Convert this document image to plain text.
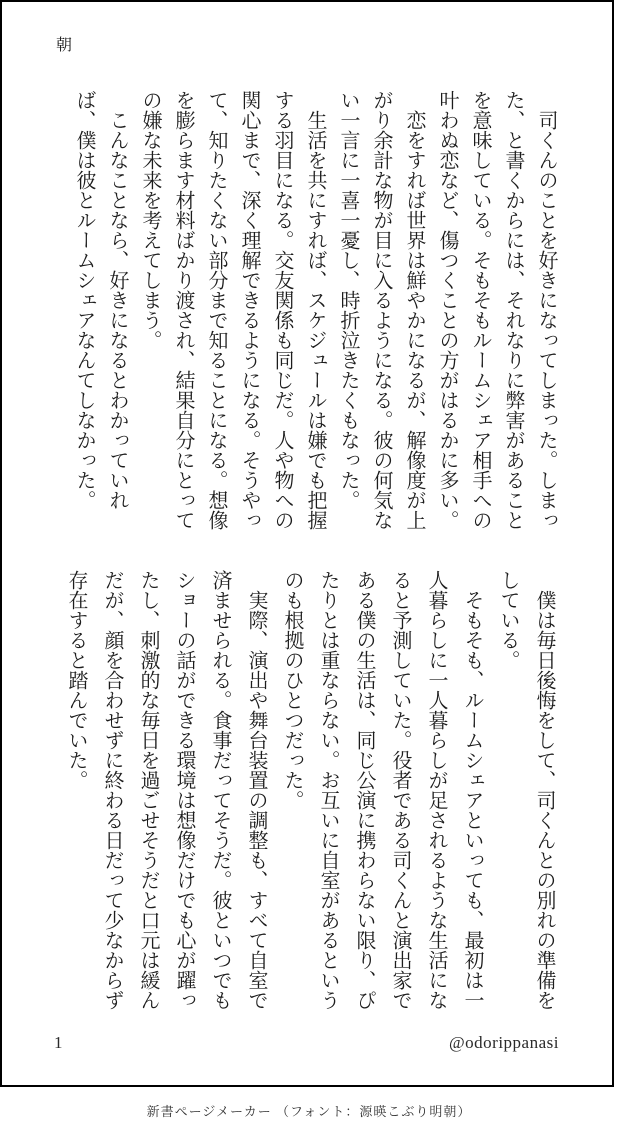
朝

司くんのことを好きになってしまった。しまった、と書くからには、それなりに弊害があることを意味している。そもそもルームシェア相手への叶わぬ恋など、傷つくことの方がはるかに多い。

恋をすれば世界は鮮やかになるが、解像度が上がり余計な物が目に入るようになる。彼の何気ない一言に一喜一憂し、時折泣きたくもなった。

生活を共にすれば、スケジュールは嫌でも把握する羽目になる。交友関係も同じだ。人や物への関心まで、深く理解できるようになる。そうやって、知りたくない部分まで知ることになる。想像を膨らます材料ばかり渡され、結果自分にとっての嫌な未来を考えてしまう。

こんなことなら、好きになるとわかっていれば、僕は彼とルームシェアなんてしなかった。

僕は毎日後悔をして、司くんとの別れの準備をしている。

そもそも、ルームシェアといっても、最初は一人暮らしに一人暮らしが足されるような生活になると予測していた。役者である司くんと演出家である僕の生活は、同じ公演に携わらない限り、ぴたりとは重ならない。お互いに自室があるというのも根拠のひとつだった。

実際、演出や舞台装置の調整も、すべて自室で済ませられる。食事だってそうだ。彼といつでもショーの話ができる環境は想像だけでも心が躍ったし、刺激的な毎日を過ごせそうだと口元は緩んだが、顔を合わせずに終わる日だって少なからず存在すると踏んでいた。

1	@odorippanasi
新書ページメーカー （フォント：源暎こぶり明朝）
